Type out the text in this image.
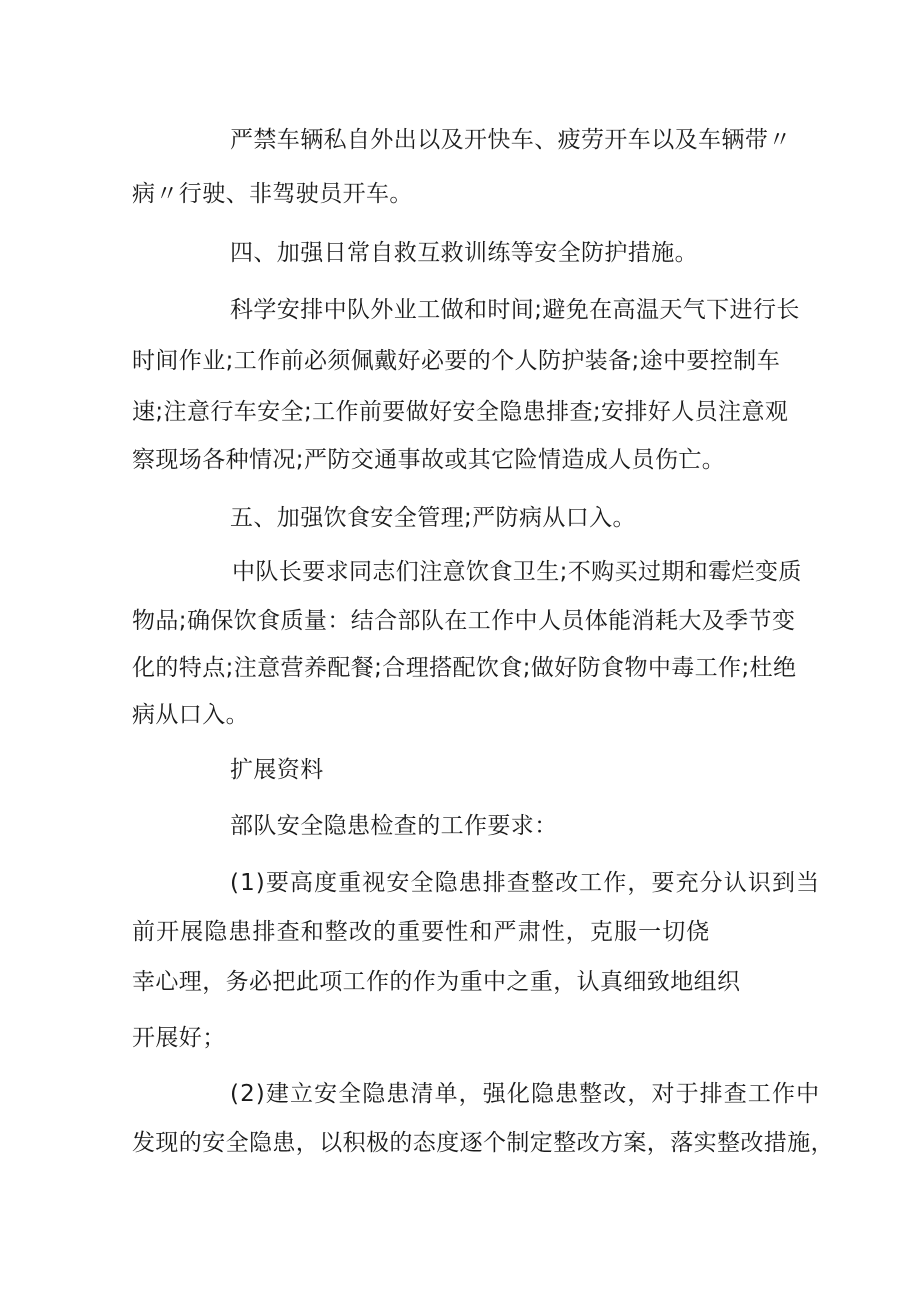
严禁车辆私自外出以及开快车、疲劳开车以及车辆带〃
病〃行驶、非驾驶员开车。
四、加强日常自救互救训练等安全防护措施。
科学安排中队外业工做和时间;避免在高温天气下进行长
时间作业;工作前必须佩戴好必要的个人防护装备;途中要控制车
速;注意行车安全;工作前要做好安全隐患排查;安排好人员注意观
察现场各种情况;严防交通事故或其它险情造成人员伤亡。
五、加强饮食安全管理;严防病从口入。
中队长要求同志们注意饮食卫生;不购买过期和霉烂变质
物品;确保饮食质量：结合部队在工作中人员体能消耗大及季节变
化的特点;注意营养配餐;合理搭配饮食;做好防食物中毒工作;杜绝
病从口入。
扩展资料
部队安全隐患检查的工作要求：
(1)要高度重视安全隐患排查整改工作，要充分认识到当
前开展隐患排查和整改的重要性和严肃性，克服一切侥
幸心理，务必把此项工作的作为重中之重，认真细致地组织
开展好；
(2)建立安全隐患清单，强化隐患整改，对于排查工作中
发现的安全隐患，以积极的态度逐个制定整改方案，落实整改措施，
